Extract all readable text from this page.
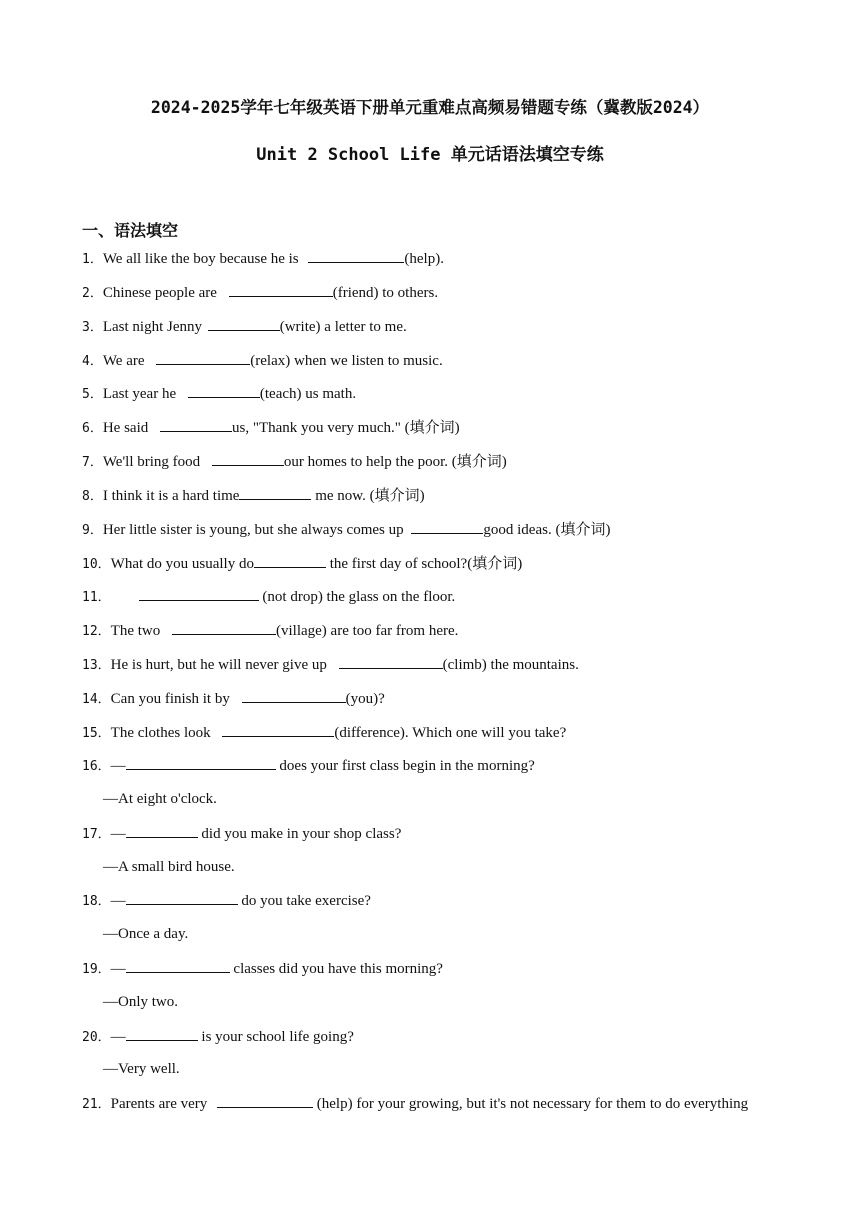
2024-2025学年七年级英语下册单元重难点高频易错题专练（冀教版2024）
Unit 2 School Life 单元话语法填空专练
一、语法填空
1．We all like the boy because he is	(help).
2．Chinese people are	(friend) to others.
3．Last night Jenny	(write) a letter to me.
4．We are	(relax) when we listen to music.
5．Last year he	(teach) us math.
6．He said	us, "Thank you very much." (填介词)
7．We'll bring food	our homes to help the poor. (填介词)
8．I think it is a hard time	me now. (填介词)
9．Her little sister is young, but she always comes up	good ideas. (填介词)
10．What do you usually do	the first day of school?(填介词)
11．	(not drop) the glass on the floor.
12．The two	(village) are too far from here.
13．He is hurt, but he will never give up	(climb) the mountains.
14．Can you finish it by	(you)?
15．The clothes look	(difference). Which one will you take?
16．—	does your first class begin in the morning?
—At eight o'clock.
17．—	did you make in your shop class?
—A small bird house.
18．—	do you take exercise?
—Once a day.
19．—	classes did you have this morning?
—Only two.
20．—	is your school life going?
—Very well.
21．Parents are very	(help) for your growing, but it's not necessary for them to do everything
